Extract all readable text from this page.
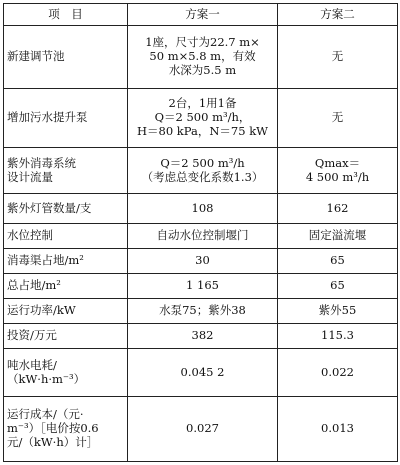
项　目	方案一	方案二

新建调节池	1座，尺寸为22.7 m×
50 m×5.8 m，有效
水深为5.5 m	无

增加污水提升泵	2台，1用1备
Q＝2 500 m³/h，
H＝80 kPa，N＝75 kW	无

紫外消毒系统
设计流量	Q＝2 500 m³/h
（考虑总变化系数1.3）	Qmax＝
4 500 m³/h

紫外灯管数量/支	108	162

水位控制	自动水位控制堰门	固定溢流堰

消毒渠占地/m²	30	65

总占地/m²	1 165	65

运行功率/kW	水泵75；紫外38	紫外55

投资/万元	382	115.3

吨水电耗/
（kW·h·m⁻³）	0.045 2	0.022

运行成本/（元·
m⁻³）［电价按0.6
元/（kW·h）计］	0.027	0.013
